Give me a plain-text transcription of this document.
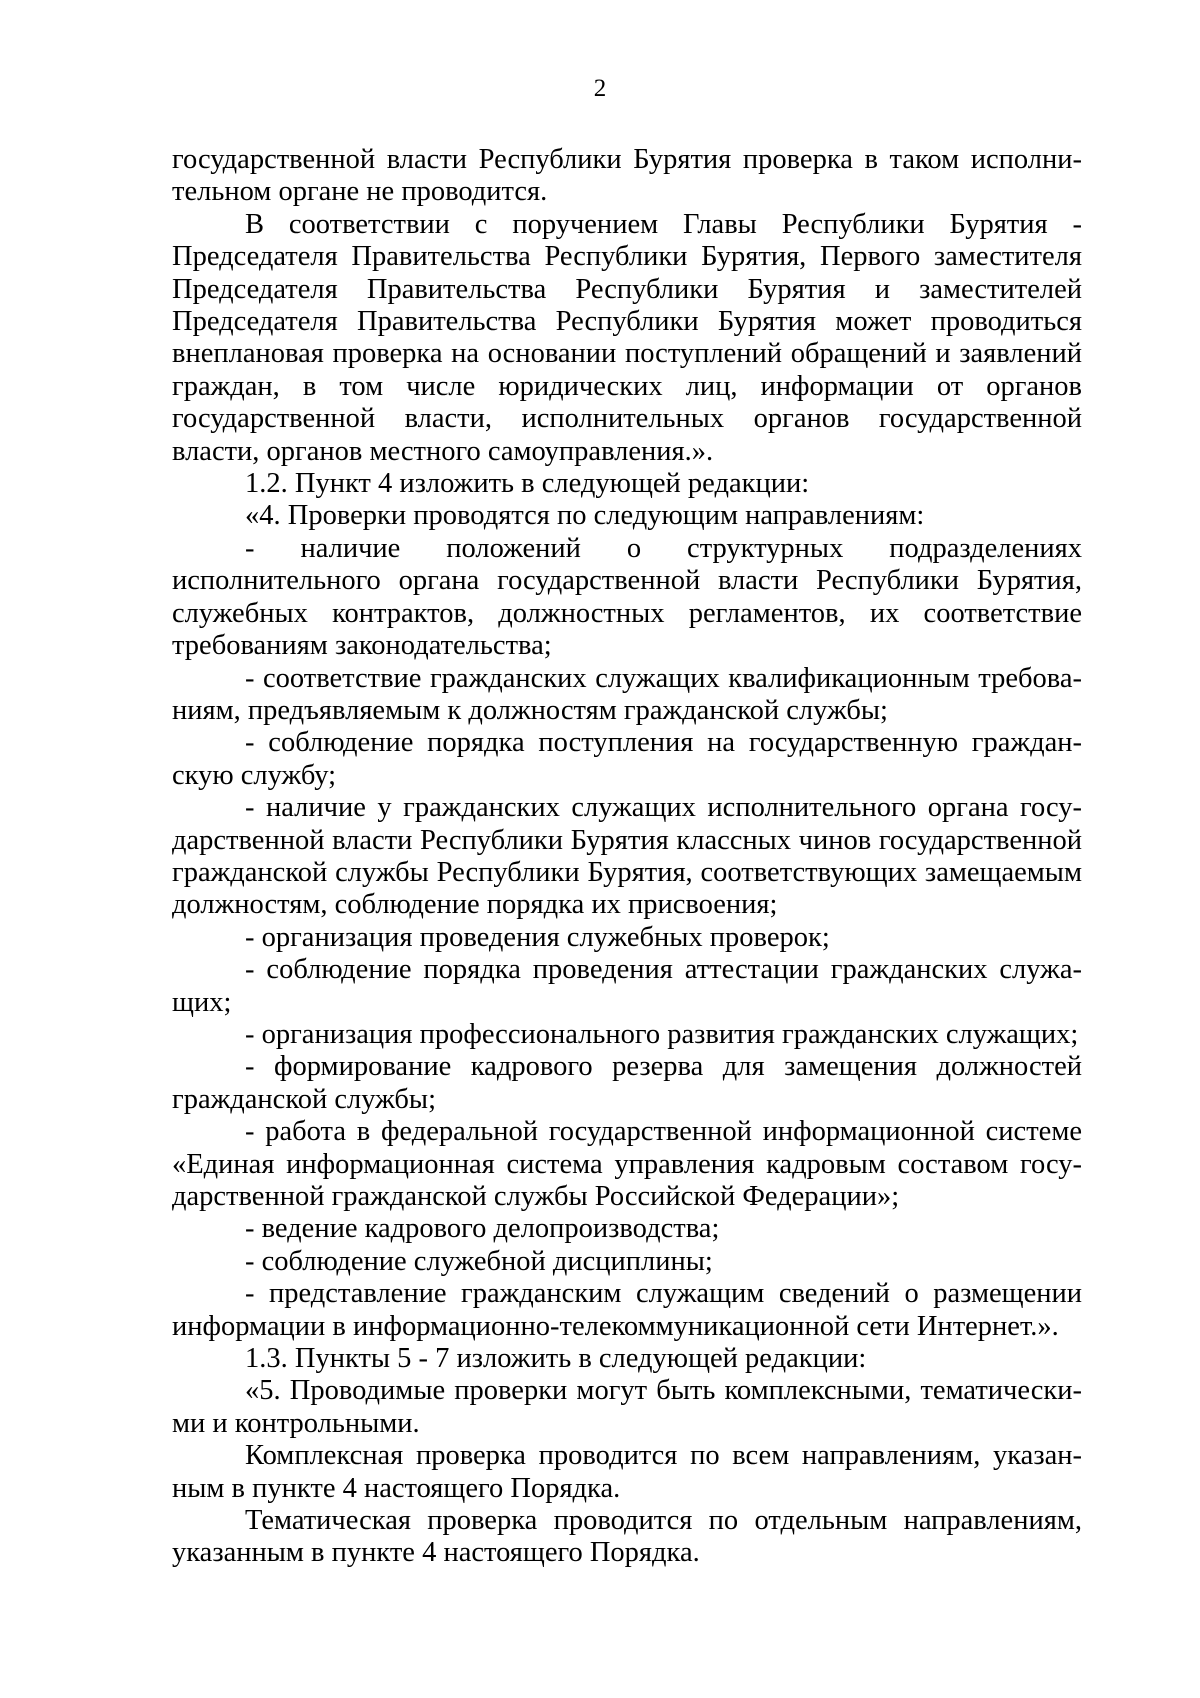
2

государственной власти Республики Бурятия проверка в таком исполнительном органе не проводится.

В соответствии с поручением Главы Республики Бурятия - Председателя Правительства Республики Бурятия, Первого заместителя Председателя Правительства Республики Бурятия и заместителей Председателя Правительства Республики Бурятия может проводиться внеплановая проверка на основании поступлений обращений и заявлений граждан, в том числе юридических лиц, информации от органов государственной власти, исполнительных органов государственной власти, органов местного самоуправления.».

1.2. Пункт 4 изложить в следующей редакции:

«4. Проверки проводятся по следующим направлениям:

- наличие положений о структурных подразделениях исполнительного органа государственной власти Республики Бурятия, служебных контрактов, должностных регламентов, их соответствие требованиям законодательства;

- соответствие гражданских служащих квалификационным требованиям, предъявляемым к должностям гражданской службы;

- соблюдение порядка поступления на государственную гражданскую службу;

- наличие у гражданских служащих исполнительного органа государственной власти Республики Бурятия классных чинов государственной гражданской службы Республики Бурятия, соответствующих замещаемым должностям, соблюдение порядка их присвоения;

- организация проведения служебных проверок;

- соблюдение порядка проведения аттестации гражданских служащих;

- организация профессионального развития гражданских служащих;

- формирование кадрового резерва для замещения должностей гражданской службы;

- работа в федеральной государственной информационной системе «Единая информационная система управления кадровым составом государственной гражданской службы Российской Федерации»;

- ведение кадрового делопроизводства;

- соблюдение служебной дисциплины;

- представление гражданским служащим сведений о размещении информации в информационно-телекоммуникационной сети Интернет.».

1.3. Пункты 5 - 7 изложить в следующей редакции:

«5. Проводимые проверки могут быть комплексными, тематическими и контрольными.

Комплексная проверка проводится по всем направлениям, указанным в пункте 4 настоящего Порядка.

Тематическая проверка проводится по отдельным направлениям, указанным в пункте 4 настоящего Порядка.
